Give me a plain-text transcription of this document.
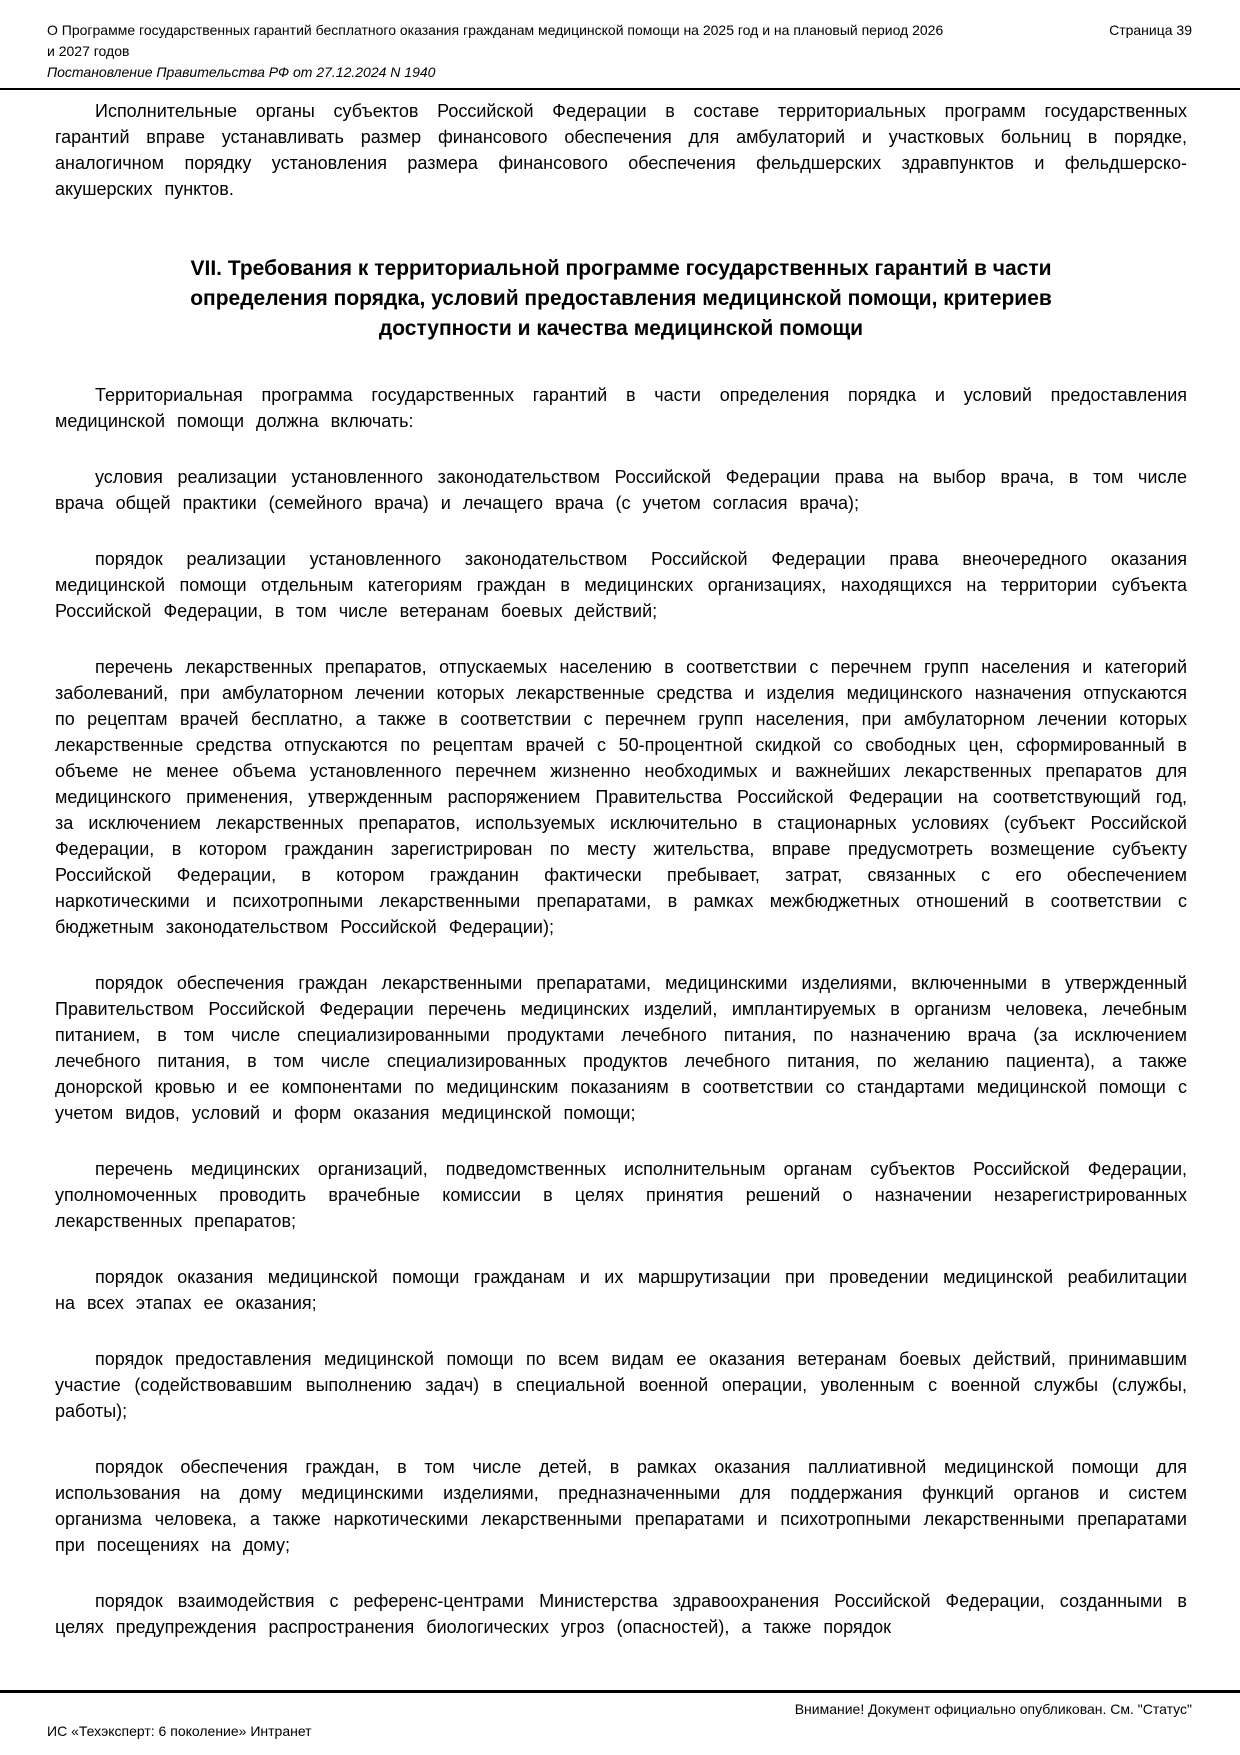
О Программе государственных гарантий бесплатного оказания гражданам медицинской помощи на 2025 год и на плановый период 2026
и 2027 годов
Страница 39
Постановление Правительства РФ от 27.12.2024 N 1940

Исполнительные органы субъектов Российской Федерации в составе территориальных программ государственных гарантий вправе устанавливать размер финансового обеспечения для амбулаторий и участковых больниц в порядке, аналогичном порядку установления размера финансового обеспечения фельдшерских здравпунктов и фельдшерско-акушерских пунктов.

VII. Требования к территориальной программе государственных гарантий в части определения порядка, условий предоставления медицинской помощи, критериев доступности и качества медицинской помощи

Территориальная программа государственных гарантий в части определения порядка и условий предоставления медицинской помощи должна включать:

условия реализации установленного законодательством Российской Федерации права на выбор врача, в том числе врача общей практики (семейного врача) и лечащего врача (с учетом согласия врача);

порядок реализации установленного законодательством Российской Федерации права внеочередного оказания медицинской помощи отдельным категориям граждан в медицинских организациях, находящихся на территории субъекта Российской Федерации, в том числе ветеранам боевых действий;

перечень лекарственных препаратов, отпускаемых населению в соответствии с перечнем групп населения и категорий заболеваний, при амбулаторном лечении которых лекарственные средства и изделия медицинского назначения отпускаются по рецептам врачей бесплатно, а также в соответствии с перечнем групп населения, при амбулаторном лечении которых лекарственные средства отпускаются по рецептам врачей с 50-процентной скидкой со свободных цен, сформированный в объеме не менее объема установленного перечнем жизненно необходимых и важнейших лекарственных препаратов для медицинского применения, утвержденным распоряжением Правительства Российской Федерации на соответствующий год, за исключением лекарственных препаратов, используемых исключительно в стационарных условиях (субъект Российской Федерации, в котором гражданин зарегистрирован по месту жительства, вправе предусмотреть возмещение субъекту Российской Федерации, в котором гражданин фактически пребывает, затрат, связанных с его обеспечением наркотическими и психотропными лекарственными препаратами, в рамках межбюджетных отношений в соответствии с бюджетным законодательством Российской Федерации);

порядок обеспечения граждан лекарственными препаратами, медицинскими изделиями, включенными в утвержденный Правительством Российской Федерации перечень медицинских изделий, имплантируемых в организм человека, лечебным питанием, в том числе специализированными продуктами лечебного питания, по назначению врача (за исключением лечебного питания, в том числе специализированных продуктов лечебного питания, по желанию пациента), а также донорской кровью и ее компонентами по медицинским показаниям в соответствии со стандартами медицинской помощи с учетом видов, условий и форм оказания медицинской помощи;

перечень медицинских организаций, подведомственных исполнительным органам субъектов Российской Федерации, уполномоченных проводить врачебные комиссии в целях принятия решений о назначении незарегистрированных лекарственных препаратов;

порядок оказания медицинской помощи гражданам и их маршрутизации при проведении медицинской реабилитации на всех этапах ее оказания;

порядок предоставления медицинской помощи по всем видам ее оказания ветеранам боевых действий, принимавшим участие (содействовавшим выполнению задач) в специальной военной операции, уволенным с военной службы (службы, работы);

порядок обеспечения граждан, в том числе детей, в рамках оказания паллиативной медицинской помощи для использования на дому медицинскими изделиями, предназначенными для поддержания функций органов и систем организма человека, а также наркотическими лекарственными препаратами и психотропными лекарственными препаратами при посещениях на дому;

порядок взаимодействия с референс-центрами Министерства здравоохранения Российской Федерации, созданными в целях предупреждения распространения биологических угроз (опасностей), а также порядок

Внимание! Документ официально опубликован. См. "Статус"
ИС «Техэксперт: 6 поколение» Интранет
